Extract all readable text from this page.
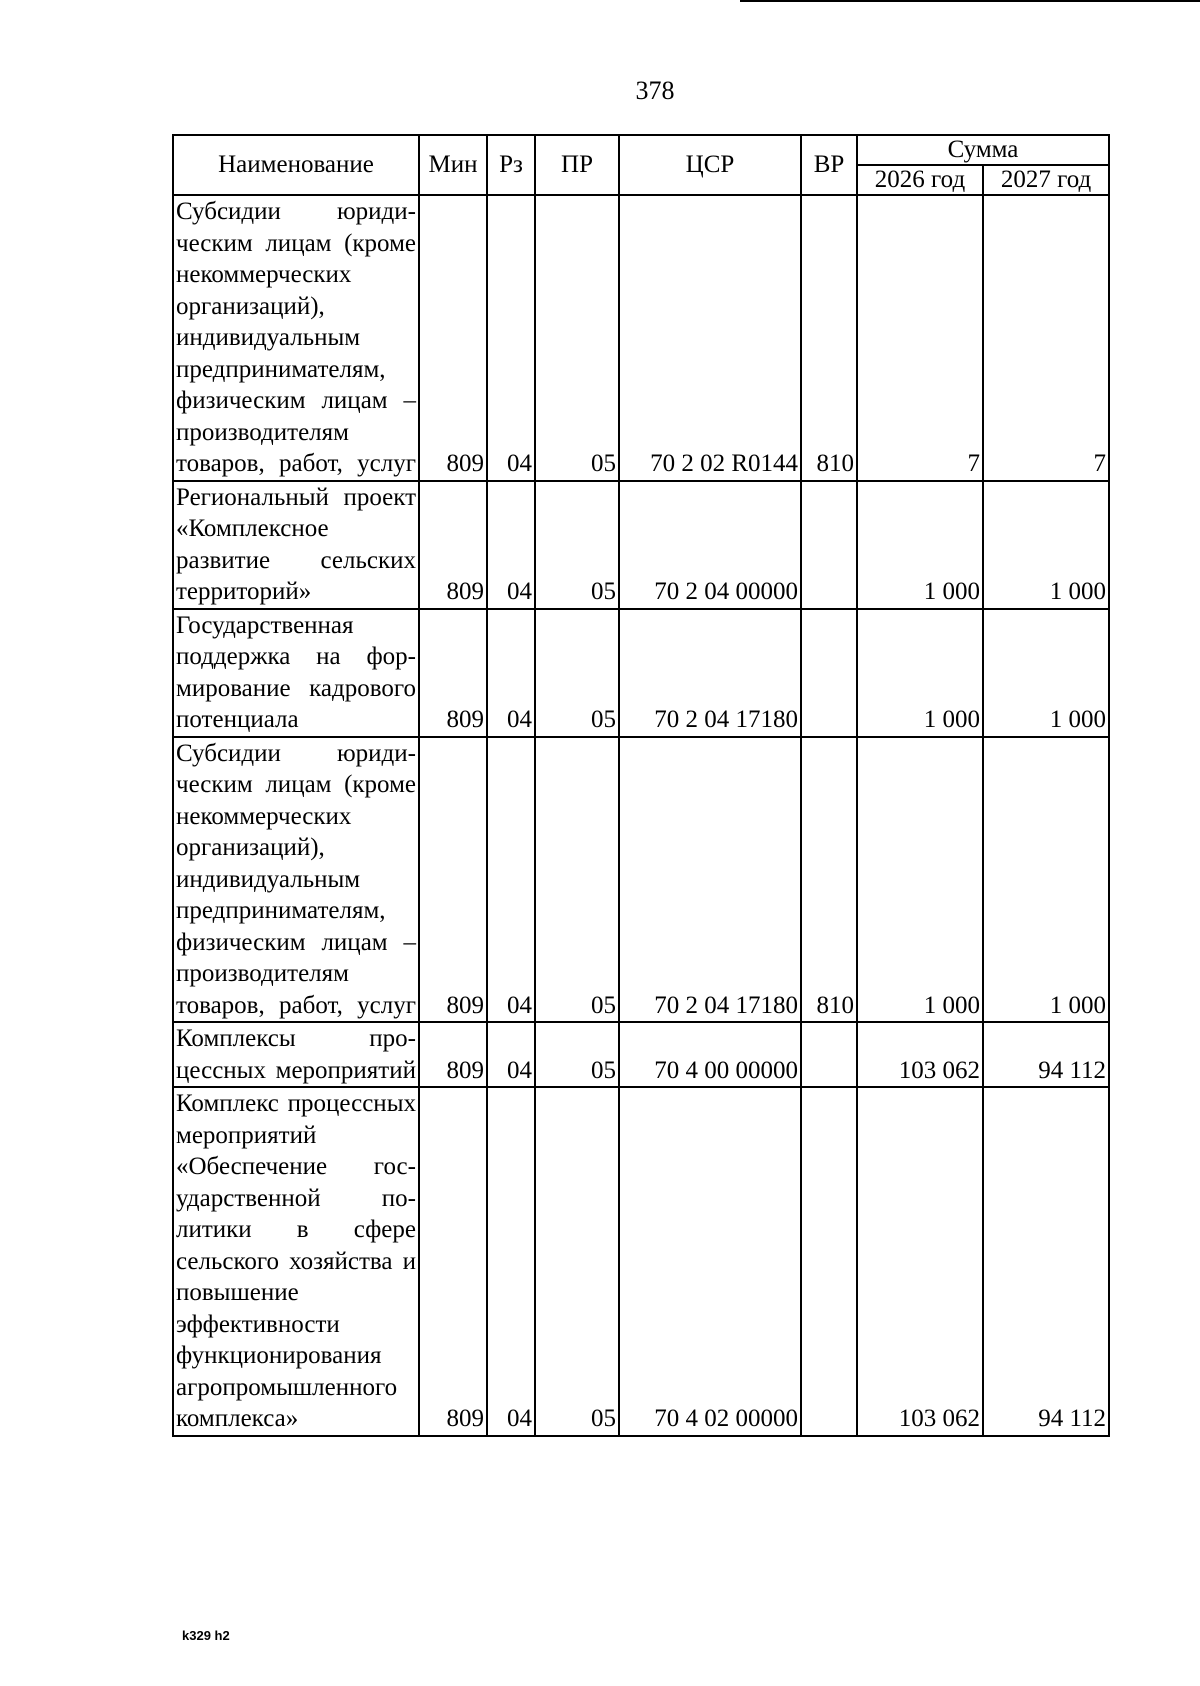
378
Наименование	Мин	Рз	ПР	ЦСР	ВР	Сумма	
						2026 год	2027 год
Субсидии юридическим лицам (кроме некоммерческих организаций), индивидуальным предпринимателям, физическим лицам – производителям товаров, работ, услуг	809	04	05	70 2 02 R0144	810	7	7
Региональный проект «Комплексное развитие сельских территорий»	809	04	05	70 2 04 00000		1 000	1 000
Государственная поддержка на формирование кадрового потенциала	809	04	05	70 2 04 17180		1 000	1 000
Субсидии юридическим лицам (кроме некоммерческих организаций), индивидуальным предпринимателям, физическим лицам – производителям товаров, работ, услуг	809	04	05	70 2 04 17180	810	1 000	1 000
Комплексы процессных мероприятий	809	04	05	70 4 00 00000		103 062	94 112
Комплекс процессных мероприятий «Обеспечение государственной политики в сфере сельского хозяйства и повышение эффективности функционирования агропромышленного комплекса»	809	04	05	70 4 02 00000		103 062	94 112
k329 h2
